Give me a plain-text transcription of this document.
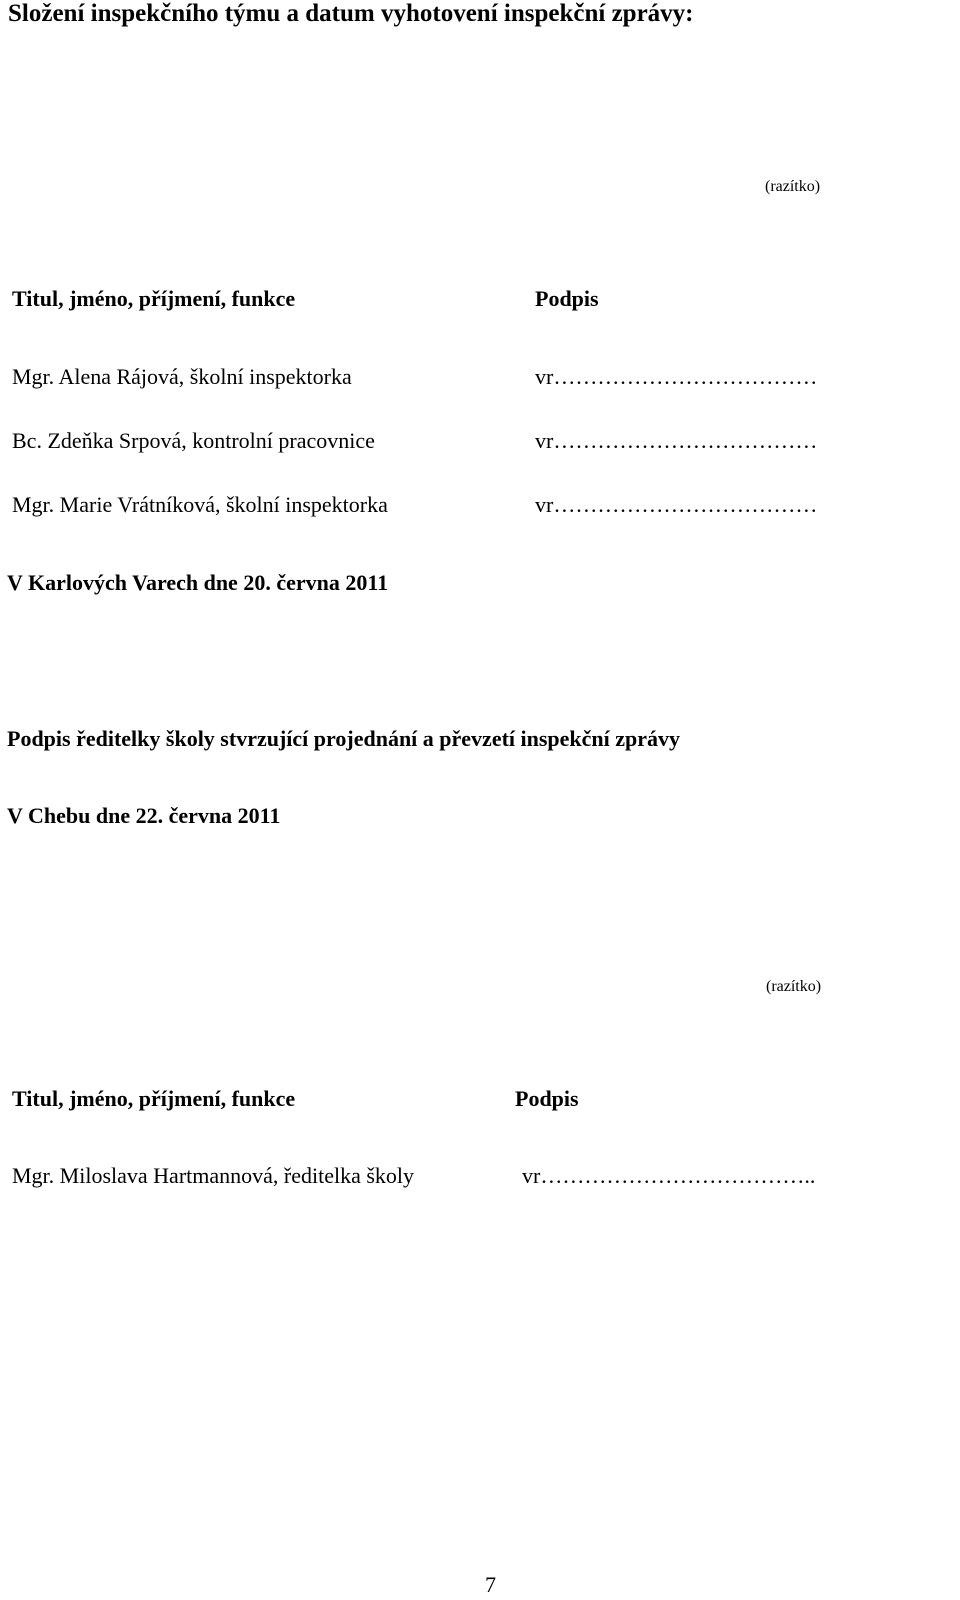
Složení inspekčního týmu a datum vyhotovení inspekční zprávy:
(razítko)
Titul, jméno, příjmení, funkce	Podpis
Mgr. Alena Rájová, školní inspektorka	vr………………………………
Bc. Zdeňka Srpová, kontrolní pracovnice	vr………………………………
Mgr. Marie Vrátníková, školní inspektorka	vr………………………………
V Karlových Varech dne 20. června 2011
Podpis ředitelky školy stvrzující projednání a převzetí inspekční zprávy
V Chebu dne 22. června 2011
(razítko)
Titul, jméno, příjmení, funkce	Podpis
Mgr. Miloslava Hartmannová, ředitelka školy	vr………………………………..
7
